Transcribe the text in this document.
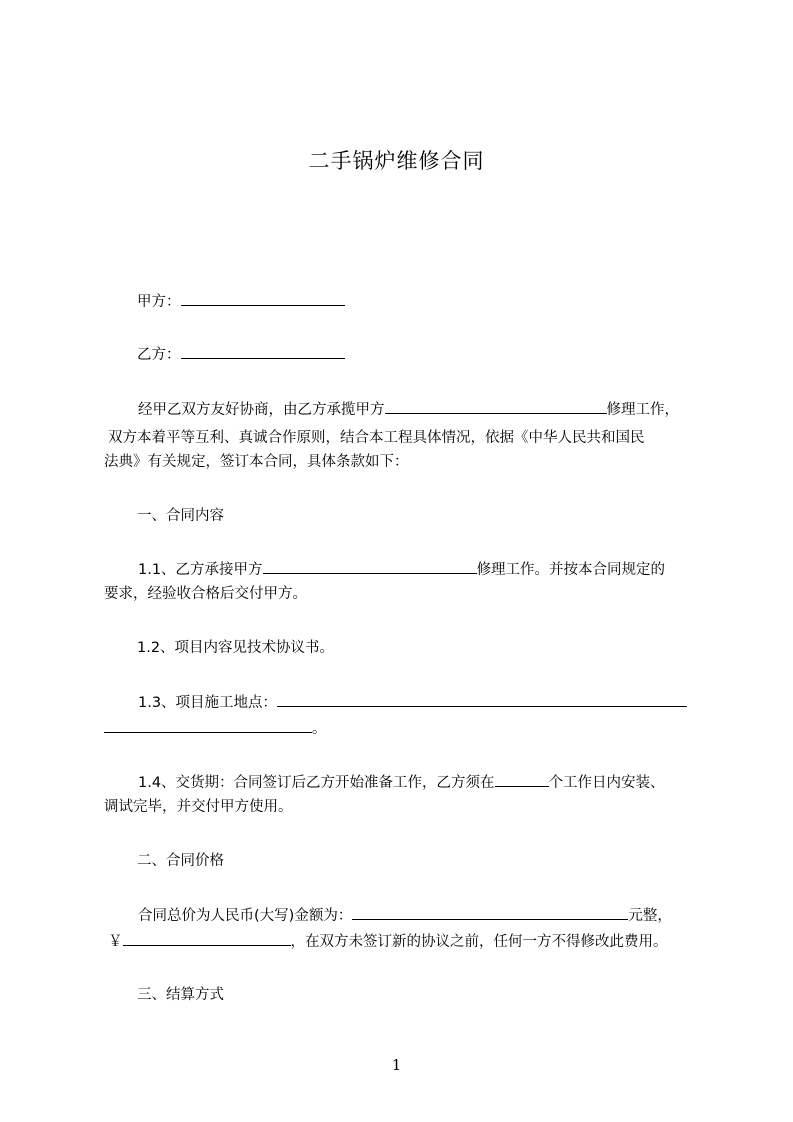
二手锅炉维修合同
甲方：
乙方：
经甲乙双方友好协商，由乙方承揽甲方	修理工作，
双方本着平等互利、真诚合作原则，结合本工程具体情况，依据《中华人民共和国民
法典》有关规定，签订本合同，具体条款如下：
一、合同内容
1.1、乙方承接甲方	修理工作。并按本合同规定的
要求，经验收合格后交付甲方。
1.2、项目内容见技术协议书。
1.3、项目施工地点：
。
1.4、交货期：合同签订后乙方开始准备工作，乙方须在	个工作日内安装、
调试完毕，并交付甲方使用。
二、合同价格
合同总价为人民币(大写)金额为：	元整，
￥	，在双方未签订新的协议之前，任何一方不得修改此费用。
三、结算方式
1
